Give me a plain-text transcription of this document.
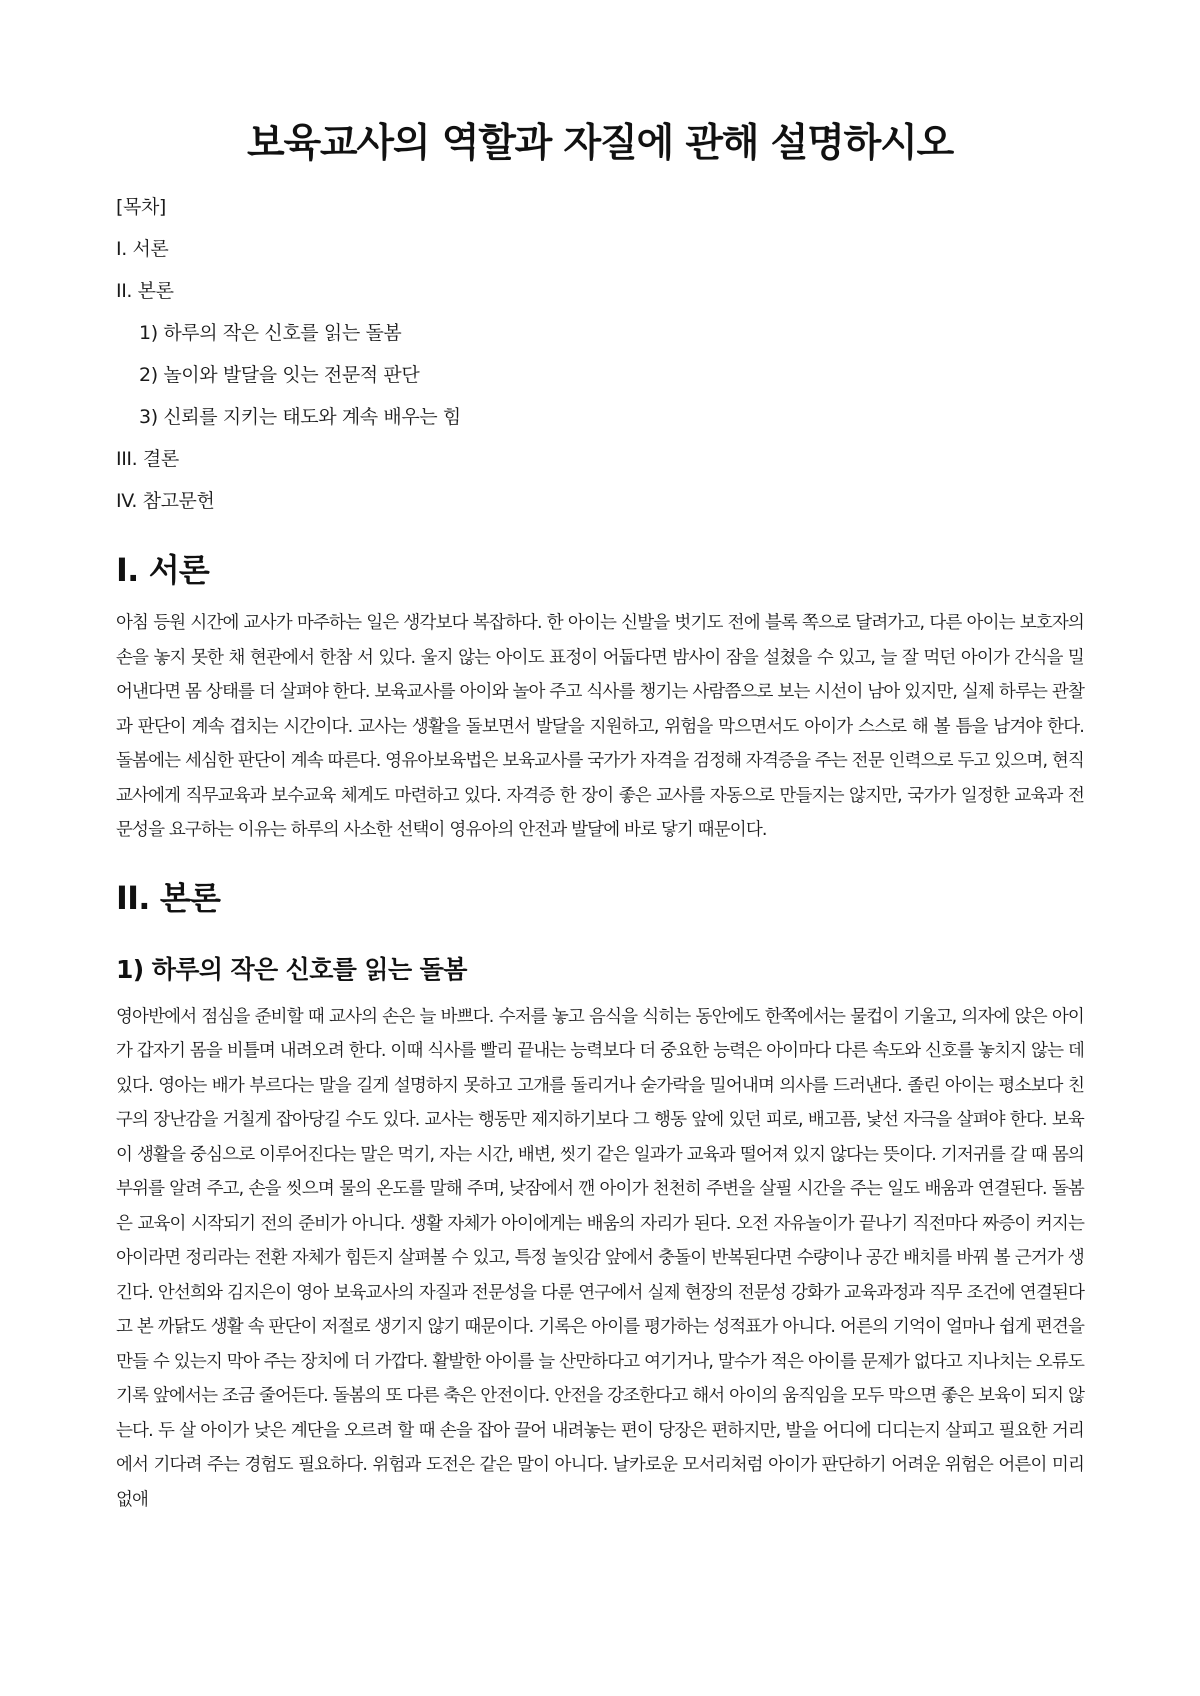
보육교사의 역할과 자질에 관해 설명하시오
[목차]
I. 서론
II. 본론
1) 하루의 작은 신호를 읽는 돌봄
2) 놀이와 발달을 잇는 전문적 판단
3) 신뢰를 지키는 태도와 계속 배우는 힘
III. 결론
IV. 참고문헌
I. 서론

아침 등원 시간에 교사가 마주하는 일은 생각보다 복잡하다. 한 아이는 신발을 벗기도 전에 블록 쪽으로 달려가고, 다른 아이는 보호자의 손을 놓지 못한 채 현관에서 한참 서 있다. 울지 않는 아이도 표정이 어둡다면 밤사이 잠을 설쳤을 수 있고, 늘 잘 먹던 아이가 간식을 밀어낸다면 몸 상태를 더 살펴야 한다. 보육교사를 아이와 놀아 주고 식사를 챙기는 사람쯤으로 보는 시선이 남아 있지만, 실제 하루는 관찰과 판단이 계속 겹치는 시간이다. 교사는 생활을 돌보면서 발달을 지원하고, 위험을 막으면서도 아이가 스스로 해 볼 틈을 남겨야 한다. 돌봄에는 세심한 판단이 계속 따른다. 영유아보육법은 보육교사를 국가가 자격을 검정해 자격증을 주는 전문 인력으로 두고 있으며, 현직 교사에게 직무교육과 보수교육 체계도 마련하고 있다. 자격증 한 장이 좋은 교사를 자동으로 만들지는 않지만, 국가가 일정한 교육과 전문성을 요구하는 이유는 하루의 사소한 선택이 영유아의 안전과 발달에 바로 닿기 때문이다.

II. 본론
1) 하루의 작은 신호를 읽는 돌봄

영아반에서 점심을 준비할 때 교사의 손은 늘 바쁘다. 수저를 놓고 음식을 식히는 동안에도 한쪽에서는 물컵이 기울고, 의자에 앉은 아이가 갑자기 몸을 비틀며 내려오려 한다. 이때 식사를 빨리 끝내는 능력보다 더 중요한 능력은 아이마다 다른 속도와 신호를 놓치지 않는 데 있다. 영아는 배가 부르다는 말을 길게 설명하지 못하고 고개를 돌리거나 숟가락을 밀어내며 의사를 드러낸다. 졸린 아이는 평소보다 친구의 장난감을 거칠게 잡아당길 수도 있다. 교사는 행동만 제지하기보다 그 행동 앞에 있던 피로, 배고픔, 낯선 자극을 살펴야 한다. 보육이 생활을 중심으로 이루어진다는 말은 먹기, 자는 시간, 배변, 씻기 같은 일과가 교육과 떨어져 있지 않다는 뜻이다. 기저귀를 갈 때 몸의 부위를 알려 주고, 손을 씻으며 물의 온도를 말해 주며, 낮잠에서 깬 아이가 천천히 주변을 살필 시간을 주는 일도 배움과 연결된다. 돌봄은 교육이 시작되기 전의 준비가 아니다. 생활 자체가 아이에게는 배움의 자리가 된다. 오전 자유놀이가 끝나기 직전마다 짜증이 커지는 아이라면 정리라는 전환 자체가 힘든지 살펴볼 수 있고, 특정 놀잇감 앞에서 충돌이 반복된다면 수량이나 공간 배치를 바꿔 볼 근거가 생긴다. 안선희와 김지은이 영아 보육교사의 자질과 전문성을 다룬 연구에서 실제 현장의 전문성 강화가 교육과정과 직무 조건에 연결된다고 본 까닭도 생활 속 판단이 저절로 생기지 않기 때문이다. 기록은 아이를 평가하는 성적표가 아니다. 어른의 기억이 얼마나 쉽게 편견을 만들 수 있는지 막아 주는 장치에 더 가깝다. 활발한 아이를 늘 산만하다고 여기거나, 말수가 적은 아이를 문제가 없다고 지나치는 오류도 기록 앞에서는 조금 줄어든다. 돌봄의 또 다른 축은 안전이다. 안전을 강조한다고 해서 아이의 움직임을 모두 막으면 좋은 보육이 되지 않는다. 두 살 아이가 낮은 계단을 오르려 할 때 손을 잡아 끌어 내려놓는 편이 당장은 편하지만, 발을 어디에 디디는지 살피고 필요한 거리에서 기다려 주는 경험도 필요하다. 위험과 도전은 같은 말이 아니다. 날카로운 모서리처럼 아이가 판단하기 어려운 위험은 어른이 미리 없애
